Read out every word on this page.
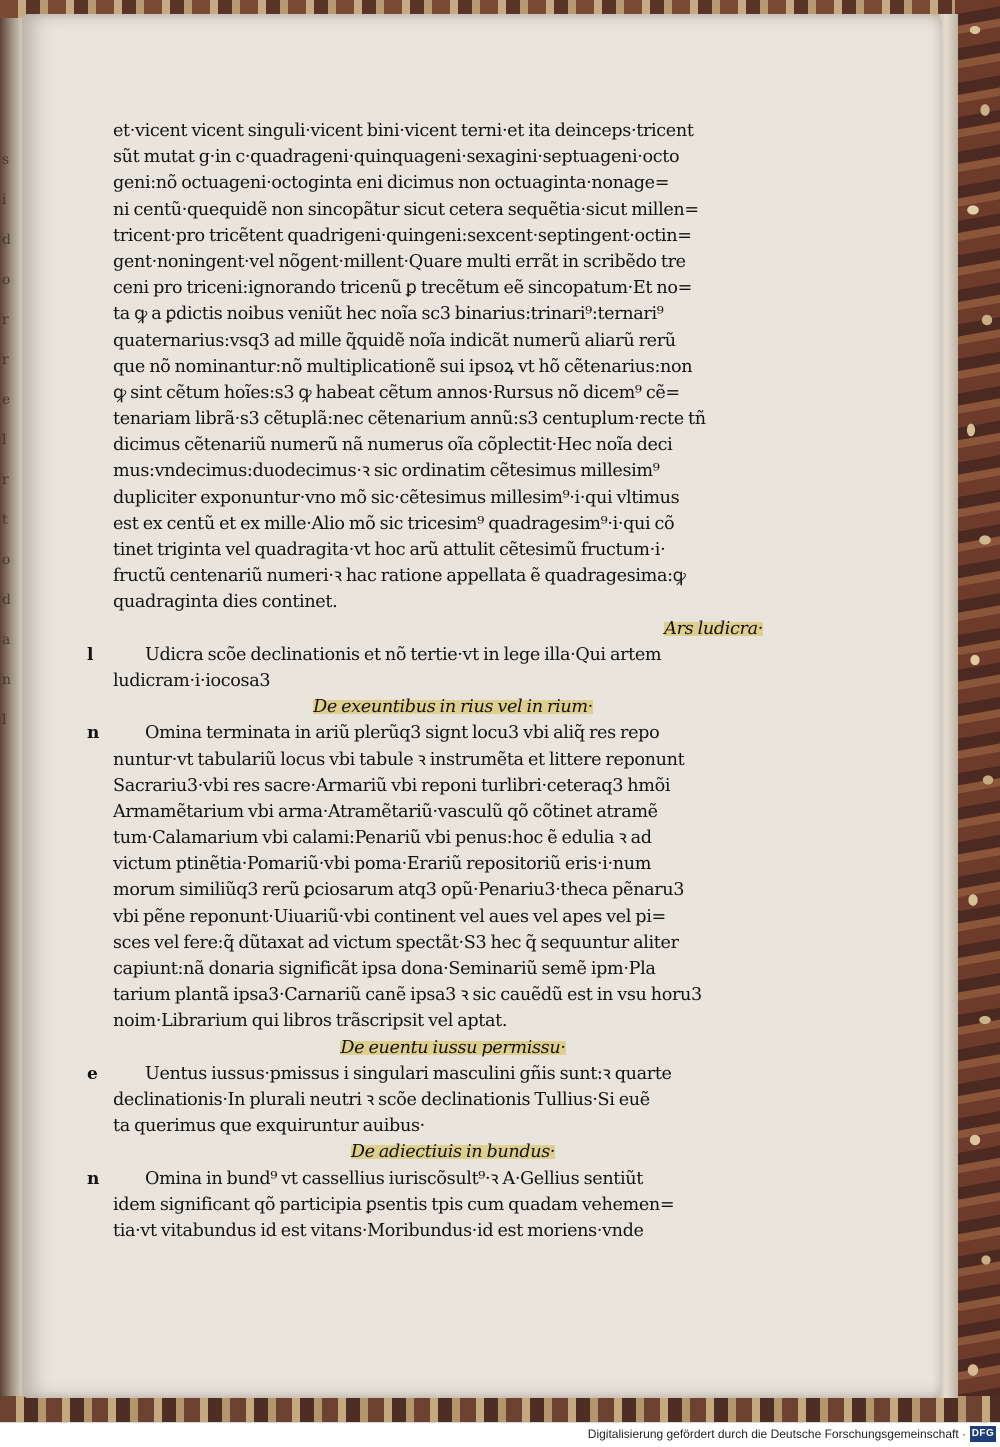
s
i
d
o
r
r
e
l
r
t
o
d
a
n
l
et·vicent vicent singuli·vicent bini·vicent terni·et ita deinceps·tricent
sũt mutat g·in c·quadrageni·quinquageni·sexagini·septuageni·octo
geni:nõ octuageni·octoginta eni dicimus non octuaginta·nonage=
ni centũ·quequidẽ non sincopãtur sicut cetera sequẽtia·sicut millen=
tricent·pro tricẽtent quadrigeni·quingeni:sexcent·septingent·octin=
gent·noningent·vel nõgent·millent·Quare multi errãt in scribẽdo tre
ceni pro triceni:ignorando tricenũ ꝑ trecẽtum eẽ sincopatum·Et no=
ta ꝙ a ꝑdictis noibus veniũt hec noĩa sc3 binarius:trinari⁹:ternari⁹
quaternarius:vsq3 ad mille q̃quidẽ noĩa indicãt numerũ aliarũ rerũ
que nõ nominantur:nõ multiplicationẽ sui ipsoꝝ vt hõ cẽtenarius:non
ꝙ sint cẽtum hoĩes:s3 ꝙ habeat cẽtum annos·Rursus nõ dicem⁹ cẽ=
tenariam librã·s3 cẽtuplã:nec cẽtenarium annũ:s3 centuplum·recte tñ
dicimus cẽtenariũ numerũ nã numerus oĩa cõplectit·Hec noĩa deci
mus:vndecimus:duodecimus·ꝛ sic ordinatim cẽtesimus millesim⁹
dupliciter exponuntur·vno mõ sic·cẽtesimus millesim⁹·i·qui vltimus
est ex centũ et ex mille·Alio mõ sic tricesim⁹ quadragesim⁹·i·qui cõ
tinet triginta vel quadragita·vt hoc arũ attulit cẽtesimũ fructum·i·
fructũ centenariũ numeri·ꝛ hac ratione appellata ẽ quadragesima:ꝙ
quadraginta dies continet.
Ars ludicra·
l	Udicra scõe declinationis et nõ tertie·vt in lege illa·Qui artem
ludicram·i·iocosa3
De exeuntibus in rius vel in rium·
n	Omina terminata in ariũ plerũq3 signt locu3 vbi aliq̃ res repo
nuntur·vt tabulariũ locus vbi tabule ꝛ instrumẽta et littere reponunt
Sacrariu3·vbi res sacre·Armariũ vbi reponi turlibri·ceteraq3 hmõi
Armamẽtarium vbi arma·Atramẽtariũ·vasculũ qõ cõtinet atramẽ
tum·Calamarium vbi calami:Penariũ vbi penus:hoc ẽ edulia ꝛ ad
victum ptinẽtia·Pomariũ·vbi poma·Erariũ repositoriũ eris·i·num
morum similiũq3 rerũ ꝑciosarum atq3 opũ·Penariu3·theca pẽnaru3
vbi pẽne reponunt·Uiuariũ·vbi continent vel aues vel apes vel pi=
sces vel fere:q̃ dũtaxat ad victum spectãt·S3 hec q̃ sequuntur aliter
capiunt:nã donaria significãt ipsa dona·Seminariũ semẽ ipm·Pla
tarium plantã ipsa3·Carnariũ canẽ ipsa3 ꝛ sic cauẽdũ est in vsu horu3
noim·Librarium qui libros trãscripsit vel aptat.
De euentu iussu permissu·
e	Uentus iussus·pmissus i singulari masculini gñis sunt:ꝛ quarte
declinationis·In plurali neutri ꝛ scõe declinationis Tullius·Si euẽ
ta querimus que exquiruntur auibus·
De adiectiuis in bundus·
n	Omina in bund⁹ vt cassellius iuriscõsult⁹·ꝛ A·Gellius sentiũt
idem significant qõ participia ꝑsentis tpis cum quadam vehemen=
tia·vt vitabundus id est vitans·Moribundus·id est moriens·vnde
Digitalisierung gefördert durch die Deutsche Forschungsgemeinschaft · DFG
